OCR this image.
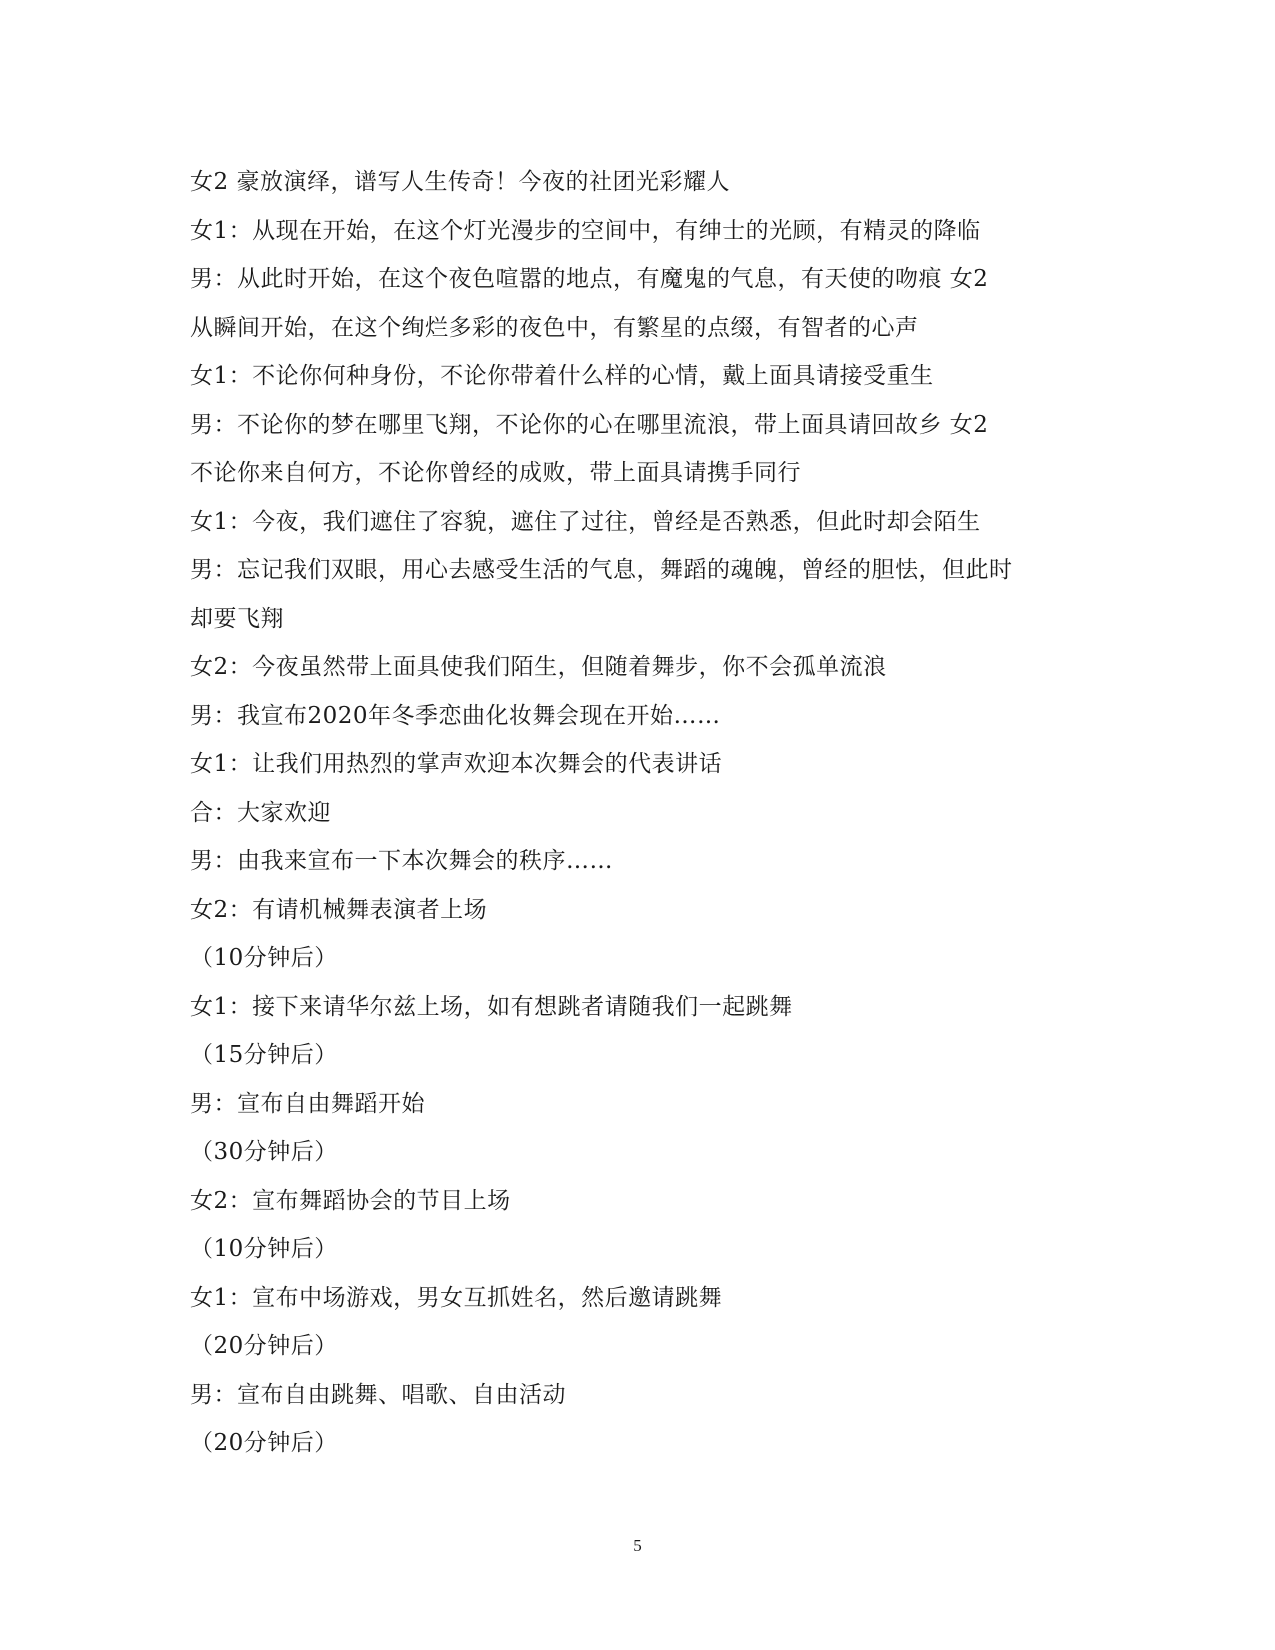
女2 豪放演绎，谱写人生传奇！今夜的社团光彩耀人
女1：从现在开始，在这个灯光漫步的空间中，有绅士的光顾，有精灵的降临
男：从此时开始，在这个夜色喧嚣的地点，有魔鬼的气息，有天使的吻痕 女2
从瞬间开始，在这个绚烂多彩的夜色中，有繁星的点缀，有智者的心声
女1：不论你何种身份，不论你带着什么样的心情，戴上面具请接受重生
男：不论你的梦在哪里飞翔，不论你的心在哪里流浪，带上面具请回故乡 女2
不论你来自何方，不论你曾经的成败，带上面具请携手同行
女1：今夜，我们遮住了容貌，遮住了过往，曾经是否熟悉，但此时却会陌生
男：忘记我们双眼，用心去感受生活的气息，舞蹈的魂魄，曾经的胆怯，但此时
却要飞翔
女2：今夜虽然带上面具使我们陌生，但随着舞步，你不会孤单流浪
男：我宣布2020年冬季恋曲化妆舞会现在开始……
女1：让我们用热烈的掌声欢迎本次舞会的代表讲话
合：大家欢迎
男：由我来宣布一下本次舞会的秩序……
女2：有请机械舞表演者上场
（10分钟后）
女1：接下来请华尔兹上场，如有想跳者请随我们一起跳舞
（15分钟后）
男：宣布自由舞蹈开始
（30分钟后）
女2：宣布舞蹈协会的节目上场
（10分钟后）
女1：宣布中场游戏，男女互抓姓名，然后邀请跳舞
（20分钟后）
男：宣布自由跳舞、唱歌、自由活动
（20分钟后）
5
